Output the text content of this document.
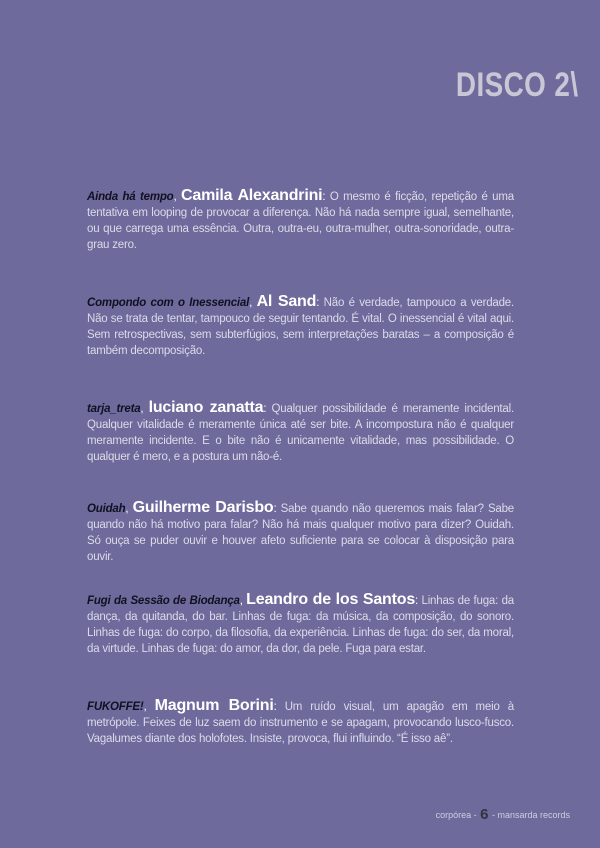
DISCO 2\

Ainda há tempo, Camila Alexandrini: O mesmo é ficção, repetição é uma tentativa em looping de provocar a diferença. Não há nada sempre igual, semelhante, ou que carrega uma essência. Outra, outra-eu, outra-mulher, outra-sonoridade, outra-grau zero.

Compondo com o Inessencial, Al Sand: Não é verdade, tampouco a verdade. Não se trata de tentar, tampouco de seguir tentando. É vital. O inessencial é vital aqui. Sem retrospectivas, sem subterfúgios, sem interpretações baratas – a composição é também decomposição.

tarja_treta, luciano zanatta: Qualquer possibilidade é meramente incidental. Qualquer vitalidade é meramente única até ser bite. A incompostura não é qualquer meramente incidente. E o bite não é unicamente vitalidade, mas possibilidade. O qualquer é mero, e a postura um não-é.

Ouidah, Guilherme Darisbo: Sabe quando não queremos mais falar? Sabe quando não há motivo para falar? Não há mais qualquer motivo para dizer? Ouidah. Só ouça se puder ouvir e houver afeto suficiente para se colocar à disposição para ouvir.

Fugi da Sessão de Biodança, Leandro de los Santos: Linhas de fuga: da dança, da quitanda, do bar. Linhas de fuga: da música, da composição, do sonoro. Linhas de fuga: do corpo, da filosofia, da experiência. Linhas de fuga: do ser, da moral, da virtude. Linhas de fuga: do amor, da dor, da pele. Fuga para estar.

FUKOFFE!, Magnum Borini: Um ruído visual, um apagão em meio à metrópole. Feixes de luz saem do instrumento e se apagam, provocando lusco-fusco. Vagalumes diante dos holofotes. Insiste, provoca, flui influindo. “É isso aê”.

corpórea - 6 - mansarda records
